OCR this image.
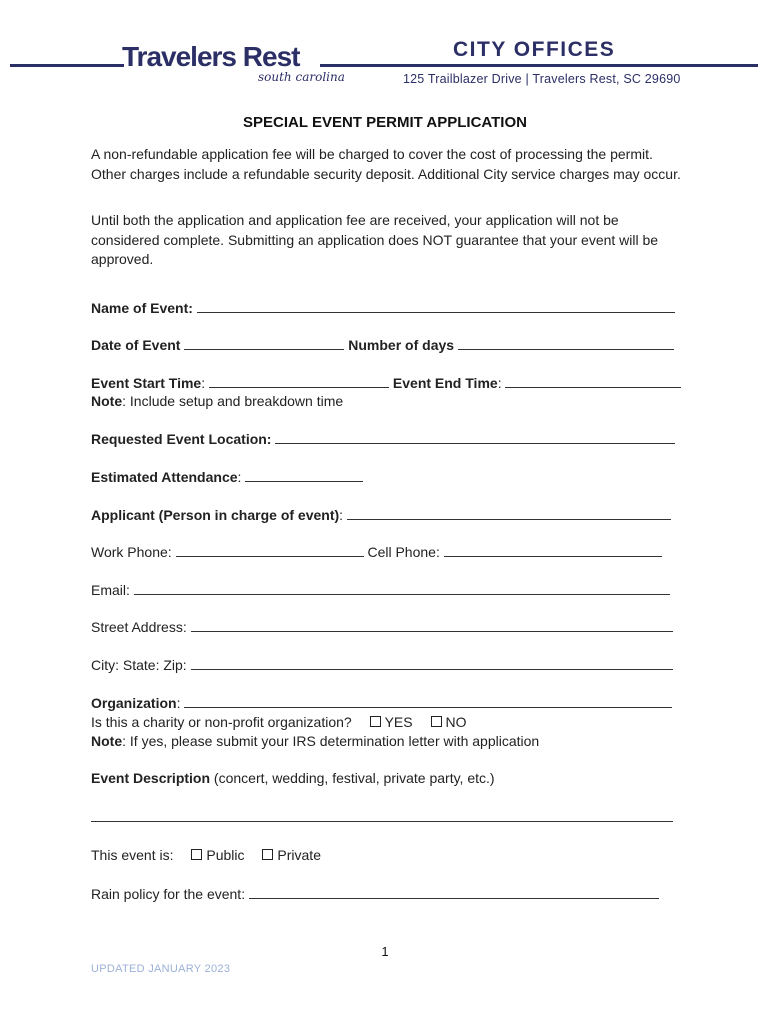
Travelers Rest
south carolina
CITY OFFICES
125 Trailblazer Drive | Travelers Rest, SC 29690
SPECIAL EVENT PERMIT APPLICATION
A non-refundable application fee will be charged to cover the cost of processing the permit. Other charges include a refundable security deposit. Additional City service charges may occur.
Until both the application and application fee are received, your application will not be considered complete. Submitting an application does NOT guarantee that your event will be approved.
Name of Event:
Date of Event	Number of days
Event Start Time:	Event End Time:
Note: Include setup and breakdown time
Requested Event Location:
Estimated Attendance:
Applicant (Person in charge of event):
Work Phone:	Cell Phone:
Email:
Street Address:
City: State: Zip:
Organization:
Is this a charity or non-profit organization? YES NO
Note: If yes, please submit your IRS determination letter with application
Event Description (concert, wedding, festival, private party, etc.)
This event is: Public Private
Rain policy for the event:
1
UPDATED JANUARY 2023
